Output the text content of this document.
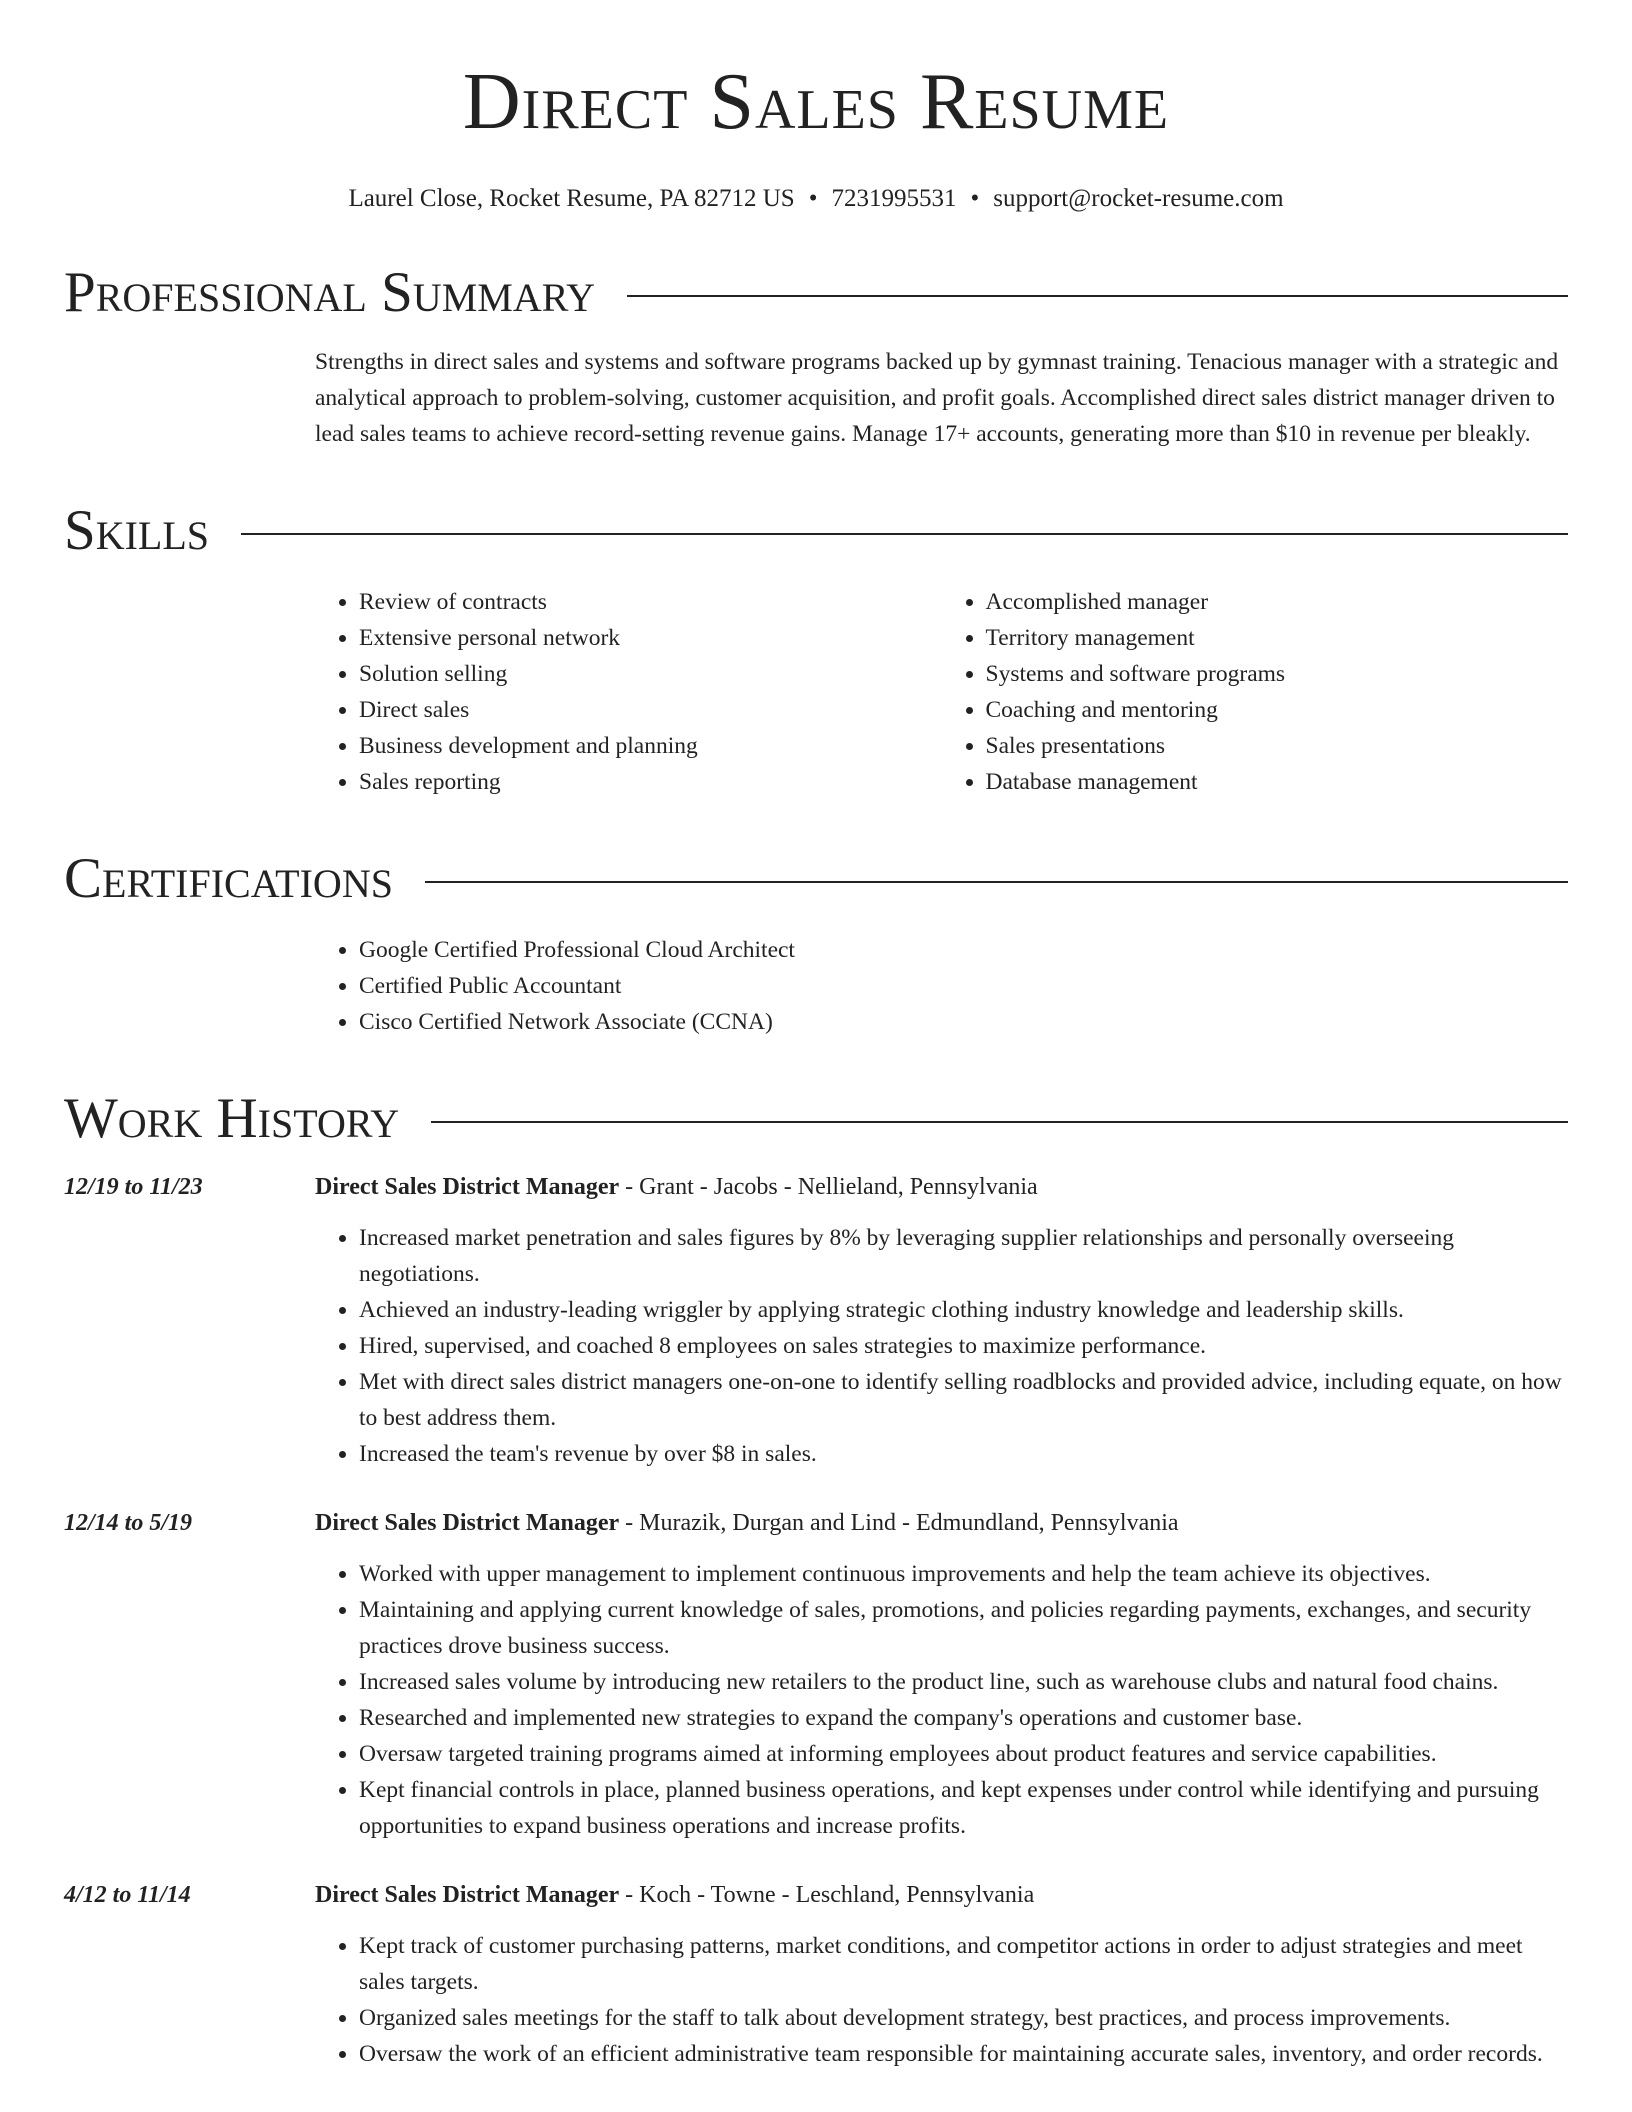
Direct Sales Resume
Laurel Close, Rocket Resume, PA 82712 US • 7231995531 • support@rocket-resume.com
Professional Summary
Strengths in direct sales and systems and software programs backed up by gymnast training. Tenacious manager with a strategic and analytical approach to problem-solving, customer acquisition, and profit goals. Accomplished direct sales district manager driven to lead sales teams to achieve record-setting revenue gains. Manage 17+ accounts, generating more than $10 in revenue per bleakly.
Skills
• Review of contracts
• Extensive personal network
• Solution selling
• Direct sales
• Business development and planning
• Sales reporting
• Accomplished manager
• Territory management
• Systems and software programs
• Coaching and mentoring
• Sales presentations
• Database management
Certifications
• Google Certified Professional Cloud Architect
• Certified Public Accountant
• Cisco Certified Network Associate (CCNA)
Work History
12/19 to 11/23	Direct Sales District Manager - Grant - Jacobs - Nellieland, Pennsylvania
• Increased market penetration and sales figures by 8% by leveraging supplier relationships and personally overseeing negotiations.
• Achieved an industry-leading wriggler by applying strategic clothing industry knowledge and leadership skills.
• Hired, supervised, and coached 8 employees on sales strategies to maximize performance.
• Met with direct sales district managers one-on-one to identify selling roadblocks and provided advice, including equate, on how to best address them.
• Increased the team's revenue by over $8 in sales.
12/14 to 5/19	Direct Sales District Manager - Murazik, Durgan and Lind - Edmundland, Pennsylvania
• Worked with upper management to implement continuous improvements and help the team achieve its objectives.
• Maintaining and applying current knowledge of sales, promotions, and policies regarding payments, exchanges, and security practices drove business success.
• Increased sales volume by introducing new retailers to the product line, such as warehouse clubs and natural food chains.
• Researched and implemented new strategies to expand the company's operations and customer base.
• Oversaw targeted training programs aimed at informing employees about product features and service capabilities.
• Kept financial controls in place, planned business operations, and kept expenses under control while identifying and pursuing opportunities to expand business operations and increase profits.
4/12 to 11/14	Direct Sales District Manager - Koch - Towne - Leschland, Pennsylvania
• Kept track of customer purchasing patterns, market conditions, and competitor actions in order to adjust strategies and meet sales targets.
• Organized sales meetings for the staff to talk about development strategy, best practices, and process improvements.
• Oversaw the work of an efficient administrative team responsible for maintaining accurate sales, inventory, and order records.
